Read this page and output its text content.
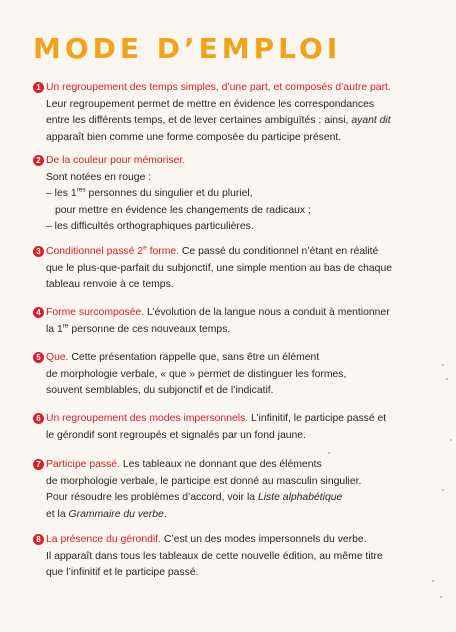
MODE D’EMPLOI
1 Un regroupement des temps simples, d’une part, et composés d’autre part.
Leur regroupement permet de mettre en évidence les correspondances
entre les différents temps, et de lever certaines ambiguïtés : ainsi, ayant dit
apparaît bien comme une forme composée du participe présent.
2 De la couleur pour mémoriser.
Sont notées en rouge :
– les 1res personnes du singulier et du pluriel,
pour mettre en évidence les changements de radicaux ;
– les difficultés orthographiques particulières.
3 Conditionnel passé 2e forme. Ce passé du conditionnel n’étant en réalité
que le plus-que-parfait du subjonctif, une simple mention au bas de chaque
tableau renvoie à ce temps.
4 Forme surcomposée. L’évolution de la langue nous a conduit à mentionner
la 1re personne de ces nouveaux temps.
5 Que. Cette présentation rappelle que, sans être un élément
de morphologie verbale, « que » permet de distinguer les formes,
souvent semblables, du subjonctif et de l’indicatif.
6 Un regroupement des modes impersonnels. L’infinitif, le participe passé et
le gérondif sont regroupés et signalés par un fond jaune.
7 Participe passé. Les tableaux ne donnant que des éléments
de morphologie verbale, le participe est donné au masculin singulier.
Pour résoudre les problèmes d’accord, voir la Liste alphabétique
et la Grammaire du verbe.
8 La présence du gérondif. C’est un des modes impersonnels du verbe.
Il apparaît dans tous les tableaux de cette nouvelle édition, au même titre
que l’infinitif et le participe passé.
